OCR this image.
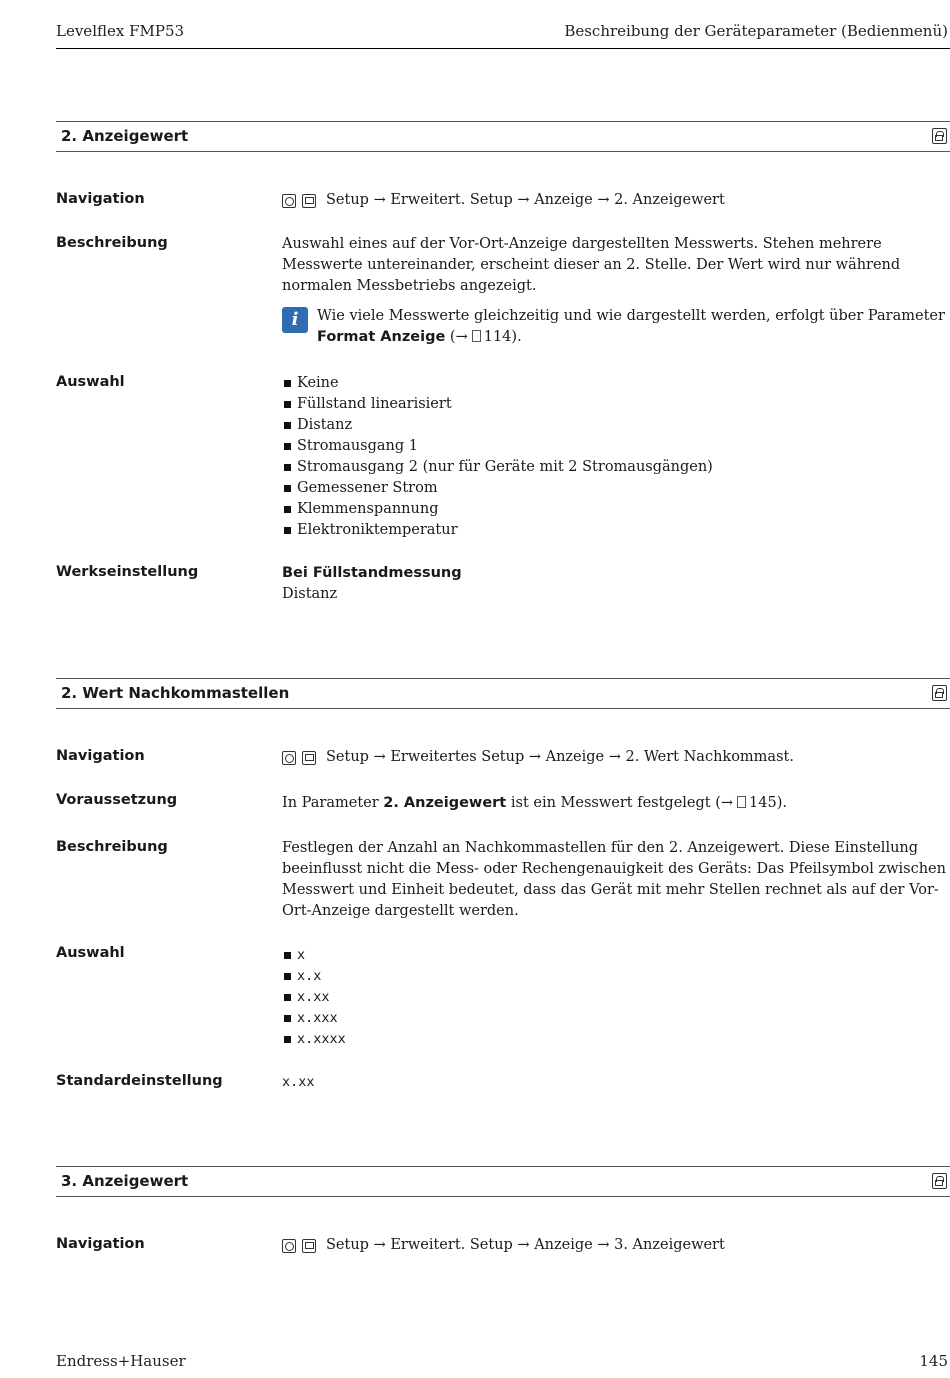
Levelflex FMP53	Beschreibung der Geräteparameter (Bedienmenü)
2. Anzeigewert
Navigation	Setup → Erweitert. Setup → Anzeige → 2. Anzeigewert
Beschreibung	Auswahl eines auf der Vor-Ort-Anzeige dargestellten Messwerts. Stehen mehrere Messwerte untereinander, erscheint dieser an 2. Stelle. Der Wert wird nur während normalen Messbetriebs angezeigt.
i	Wie viele Messwerte gleichzeitig und wie dargestellt werden, erfolgt über Parameter Format Anzeige (→ 114).
Auswahl	Keine
Füllstand linearisiert
Distanz
Stromausgang 1
Stromausgang 2 (nur für Geräte mit 2 Stromausgängen)
Gemessener Strom
Klemmenspannung
Elektroniktemperatur
Werkseinstellung	Bei Füllstandmessung
Distanz
2. Wert Nachkommastellen
Navigation	Setup → Erweitertes Setup → Anzeige → 2. Wert Nachkommast.
Voraussetzung	In Parameter 2. Anzeigewert ist ein Messwert festgelegt (→ 145).
Beschreibung	Festlegen der Anzahl an Nachkommastellen für den 2. Anzeigewert. Diese Einstellung beeinflusst nicht die Mess- oder Rechengenauigkeit des Geräts: Das Pfeilsymbol zwischen Messwert und Einheit bedeutet, dass das Gerät mit mehr Stellen rechnet als auf der Vor-Ort-Anzeige dargestellt werden.
Auswahl	x
x.x
x.xx
x.xxx
x.xxxx
Standardeinstellung	x.xx
3. Anzeigewert
Navigation	Setup → Erweitert. Setup → Anzeige → 3. Anzeigewert
Endress+Hauser	145
